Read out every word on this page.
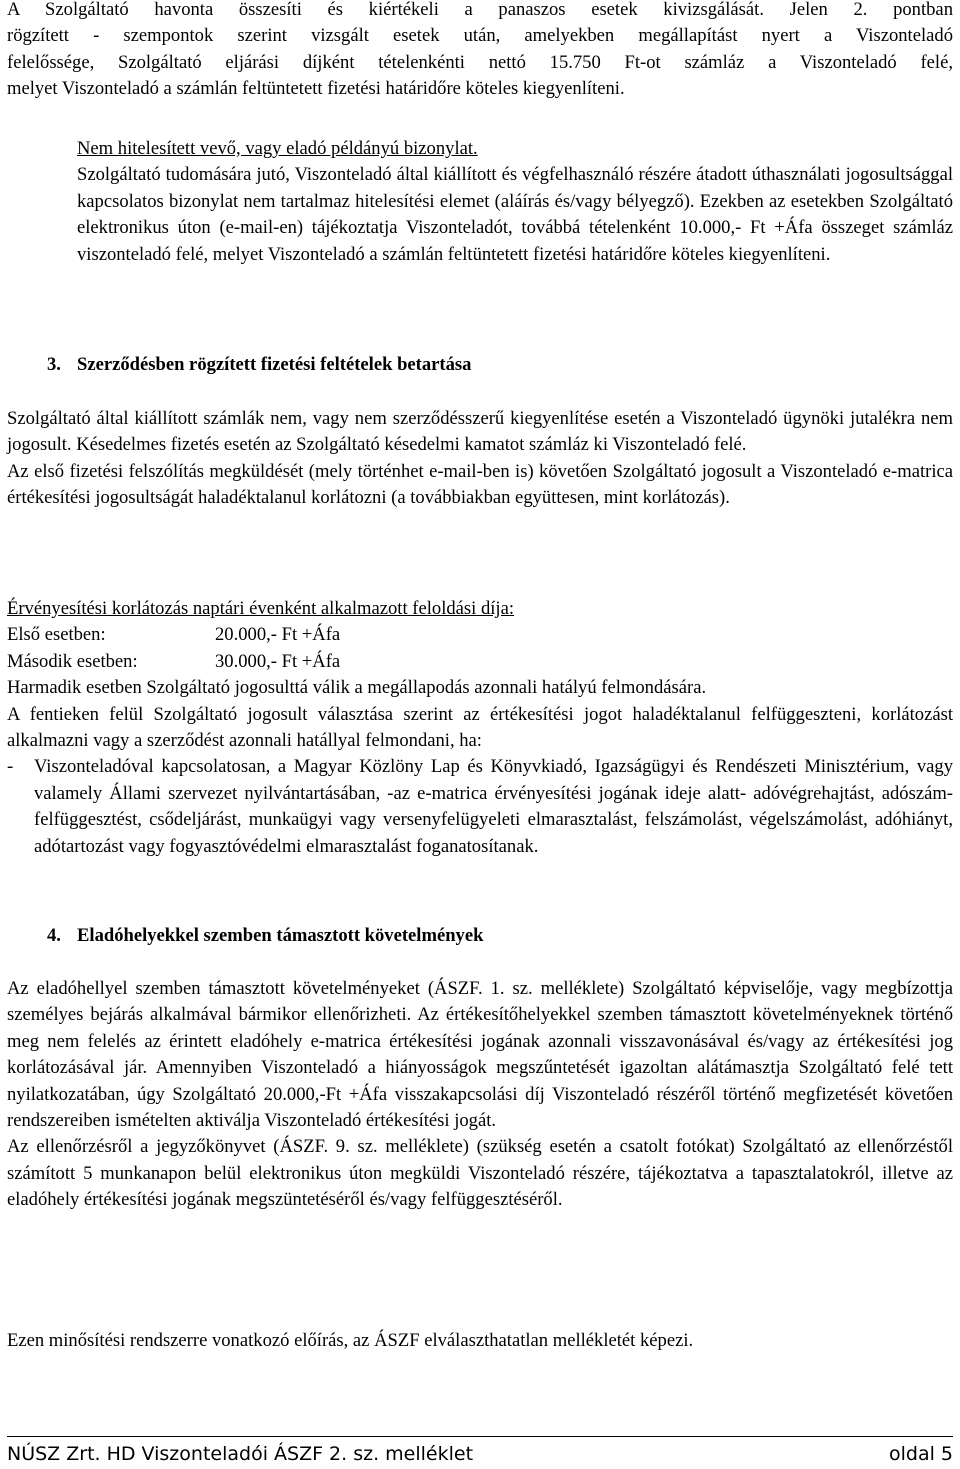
A Szolgáltató havonta összesíti és kiértékeli a panaszos esetek kivizsgálását. Jelen 2. pontban
rögzített - szempontok szerint vizsgált esetek után, amelyekben megállapítást nyert a Viszonteladó
felelőssége, Szolgáltató eljárási díjként tételenkénti nettó 15.750 Ft-ot számláz a Viszonteladó felé,
melyet Viszonteladó a számlán feltüntetett fizetési határidőre köteles kiegyenlíteni.
Nem hitelesített vevő, vagy eladó példányú bizonylat.

Szolgáltató tudomására jutó, Viszonteladó által kiállított és végfelhasználó részére átadott úthasználati jogosultsággal kapcsolatos bizonylat nem tartalmaz hitelesítési elemet (aláírás és/vagy bélyegző). Ezekben az esetekben Szolgáltató elektronikus úton (e-mail-en) tájékoztatja Viszonteladót, továbbá tételenként 10.000,- Ft +Áfa összeget számláz viszonteladó felé, melyet Viszonteladó a számlán feltüntetett fizetési határidőre köteles kiegyenlíteni.

3. Szerződésben rögzített fizetési feltételek betartása

Szolgáltató által kiállított számlák nem, vagy nem szerződésszerű kiegyenlítése esetén a Viszonteladó ügynöki jutalékra nem jogosult. Késedelmes fizetés esetén az Szolgáltató késedelmi kamatot számláz ki Viszonteladó felé.

Az első fizetési felszólítás megküldését (mely történhet e-mail-ben is) követően Szolgáltató jogosult a Viszonteladó e-matrica értékesítési jogosultságát haladéktalanul korlátozni (a továbbiakban együttesen, mint korlátozás).

Érvényesítési korlátozás naptári évenként alkalmazott feloldási díja:
Első esetben:	20.000,- Ft +Áfa
Második esetben:	30.000,- Ft +Áfa
Harmadik esetben Szolgáltató jogosulttá válik a megállapodás azonnali hatályú felmondására.

A fentieken felül Szolgáltató jogosult választása szerint az értékesítési jogot haladéktalanul felfüggeszteni, korlátozást alkalmazni vagy a szerződést azonnali hatállyal felmondani, ha:

-	Viszonteladóval kapcsolatosan, a Magyar Közlöny Lap és Könyvkiadó, Igazságügyi és Rendészeti Minisztérium, vagy valamely Állami szervezet nyilvántartásában, -az e-matrica érvényesítési jogának ideje alatt- adóvégrehajtást, adószám-felfüggesztést, csődeljárást, munkaügyi vagy versenyfelügyeleti elmarasztalást, felszámolást, végelszámolást, adóhiányt, adótartozást vagy fogyasztóvédelmi elmarasztalást foganatosítanak.
4. Eladóhelyekkel szemben támasztott követelmények

Az eladóhellyel szemben támasztott követelményeket (ÁSZF. 1. sz. melléklete) Szolgáltató képviselője, vagy megbízottja személyes bejárás alkalmával bármikor ellenőrizheti. Az értékesítőhelyekkel szemben támasztott követelményeknek történő meg nem felelés az érintett eladóhely e-matrica értékesítési jogának azonnali visszavonásával és/vagy az értékesítési jog korlátozásával jár. Amennyiben Viszonteladó a hiányosságok megszűntetését igazoltan alátámasztja Szolgáltató felé tett nyilatkozatában, úgy Szolgáltató 20.000,-Ft +Áfa visszakapcsolási díj Viszonteladó részéről történő megfizetését követően rendszereiben ismételten aktiválja Viszonteladó értékesítési jogát.

Az ellenőrzésről a jegyzőkönyvet (ÁSZF. 9. sz. melléklete) (szükség esetén a csatolt fotókat) Szolgáltató az ellenőrzéstől számított 5 munkanapon belül elektronikus úton megküldi Viszonteladó részére, tájékoztatva a tapasztalatokról, illetve az eladóhely értékesítési jogának megszüntetéséről és/vagy felfüggesztéséről.

Ezen minősítési rendszerre vonatkozó előírás, az ÁSZF elválaszthatatlan mellékletét képezi.

NÚSZ Zrt. HD Viszonteladói ÁSZF 2. sz. melléklet	oldal 5
